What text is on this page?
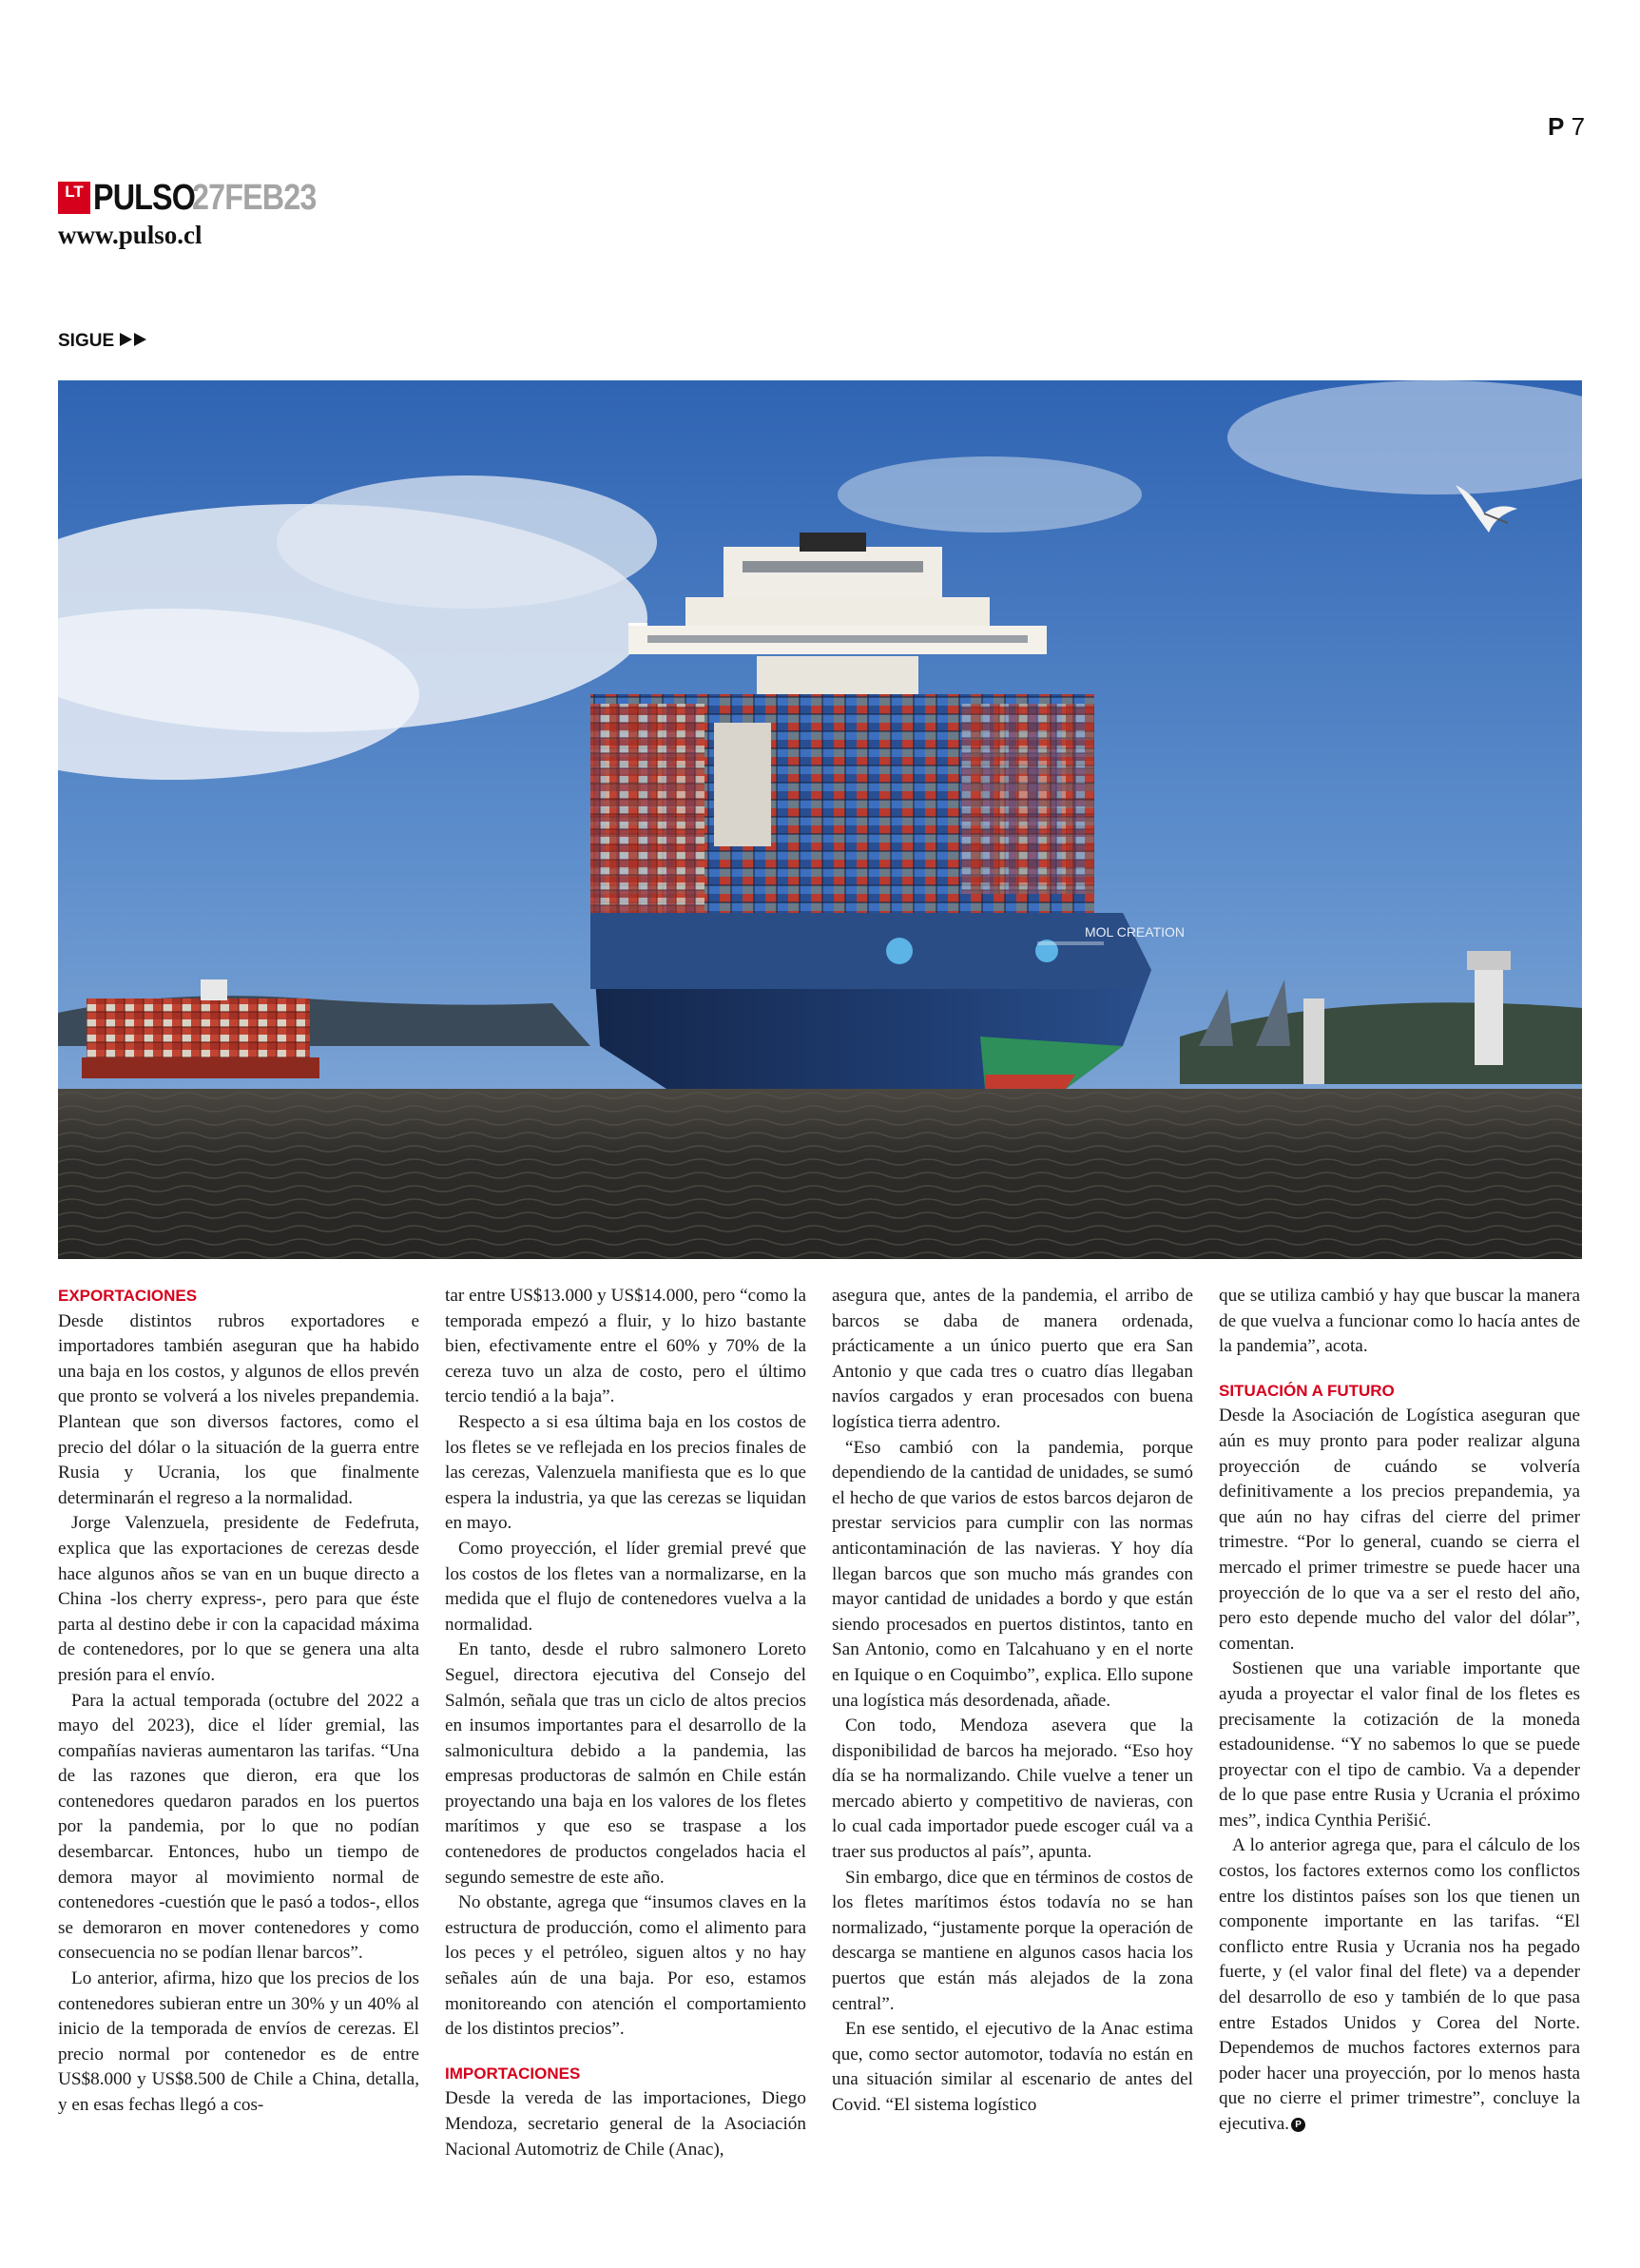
P 7
LT PULSO
27FEB23
www.pulso.cl
SIGUE
MOL CREATION
EXPORTACIONES

Desde distintos rubros exportadores e importadores también aseguran que ha habido una baja en los costos, y algunos de ellos prevén que pronto se volverá a los niveles prepandemia. Plantean que son diversos factores, como el precio del dólar o la situación de la guerra entre Rusia y Ucrania, los que finalmente determinarán el regreso a la normalidad.

Jorge Valenzuela, presidente de Fedefruta, explica que las exportaciones de cerezas desde hace algunos años se van en un buque directo a China -los cherry express-, pero para que éste parta al destino debe ir con la capacidad máxima de contenedores, por lo que se genera una alta presión para el envío.

Para la actual temporada (octubre del 2022 a mayo del 2023), dice el líder gremial, las compañías navieras aumentaron las tarifas. “Una de las razones que dieron, era que los contenedores quedaron parados en los puertos por la pandemia, por lo que no podían desembarcar. Entonces, hubo un tiempo de demora mayor al movimiento normal de contenedores -cuestión que le pasó a todos-, ellos se demoraron en mover contenedores y como consecuencia no se podían llenar barcos”.

Lo anterior, afirma, hizo que los precios de los contenedores subieran entre un 30% y un 40% al inicio de la temporada de envíos de cerezas. El precio normal por contenedor es de entre US$8.000 y US$8.500 de Chile a China, detalla, y en esas fechas llegó a cos-

tar entre US$13.000 y US$14.000, pero “como la temporada empezó a fluir, y lo hizo bastante bien, efectivamente entre el 60% y 70% de la cereza tuvo un alza de costo, pero el último tercio tendió a la baja”.

Respecto a si esa última baja en los costos de los fletes se ve reflejada en los precios finales de las cerezas, Valenzuela manifiesta que es lo que espera la industria, ya que las cerezas se liquidan en mayo.

Como proyección, el líder gremial prevé que los costos de los fletes van a normalizarse, en la medida que el flujo de contenedores vuelva a la normalidad.

En tanto, desde el rubro salmonero Loreto Seguel, directora ejecutiva del Consejo del Salmón, señala que tras un ciclo de altos precios en insumos importantes para el desarrollo de la salmonicultura debido a la pandemia, las empresas productoras de salmón en Chile están proyectando una baja en los valores de los fletes marítimos y que eso se traspase a los contenedores de productos congelados hacia el segundo semestre de este año.

No obstante, agrega que “insumos claves en la estructura de producción, como el alimento para los peces y el petróleo, siguen altos y no hay señales aún de una baja. Por eso, estamos monitoreando con atención el comportamiento de los distintos precios”.

IMPORTACIONES

Desde la vereda de las importaciones, Diego Mendoza, secretario general de la Asociación Nacional Automotriz de Chile (Anac),

asegura que, antes de la pandemia, el arribo de barcos se daba de manera ordenada, prácticamente a un único puerto que era San Antonio y que cada tres o cuatro días llegaban navíos cargados y eran procesados con buena logística tierra adentro.

“Eso cambió con la pandemia, porque dependiendo de la cantidad de unidades, se sumó el hecho de que varios de estos barcos dejaron de prestar servicios para cumplir con las normas anticontaminación de las navieras. Y hoy día llegan barcos que son mucho más grandes con mayor cantidad de unidades a bordo y que están siendo procesados en puertos distintos, tanto en San Antonio, como en Talcahuano y en el norte en Iquique o en Coquimbo”, explica. Ello supone una logística más desordenada, añade.

Con todo, Mendoza asevera que la disponibilidad de barcos ha mejorado. “Eso hoy día se ha normalizando. Chile vuelve a tener un mercado abierto y competitivo de navieras, con lo cual cada importador puede escoger cuál va a traer sus productos al país”, apunta.

Sin embargo, dice que en términos de costos de los fletes marítimos éstos todavía no se han normalizado, “justamente porque la operación de descarga se mantiene en algunos casos hacia los puertos que están más alejados de la zona central”.

En ese sentido, el ejecutivo de la Anac estima que, como sector automotor, todavía no están en una situación similar al escenario de antes del Covid. “El sistema logístico

que se utiliza cambió y hay que buscar la manera de que vuelva a funcionar como lo hacía antes de la pandemia”, acota.

SITUACIÓN A FUTURO

Desde la Asociación de Logística aseguran que aún es muy pronto para poder realizar alguna proyección de cuándo se volvería definitivamente a los precios prepandemia, ya que aún no hay cifras del cierre del primer trimestre. “Por lo general, cuando se cierra el mercado el primer trimestre se puede hacer una proyección de lo que va a ser el resto del año, pero esto depende mucho del valor del dólar”, comentan.

Sostienen que una variable importante que ayuda a proyectar el valor final de los fletes es precisamente la cotización de la moneda estadounidense. “Y no sabemos lo que se puede proyectar con el tipo de cambio. Va a depender de lo que pase entre Rusia y Ucrania el próximo mes”, indica Cynthia Perišić.

A lo anterior agrega que, para el cálculo de los costos, los factores externos como los conflictos entre los distintos países son los que tienen un componente importante en las tarifas. “El conflicto entre Rusia y Ucrania nos ha pegado fuerte, y (el valor final del flete) va a depender del desarrollo de eso y también de lo que pasa entre Estados Unidos y Corea del Norte. Dependemos de muchos factores externos para poder hacer una proyección, por lo menos hasta que no cierre el primer trimestre”, concluye la ejecutiva. P
